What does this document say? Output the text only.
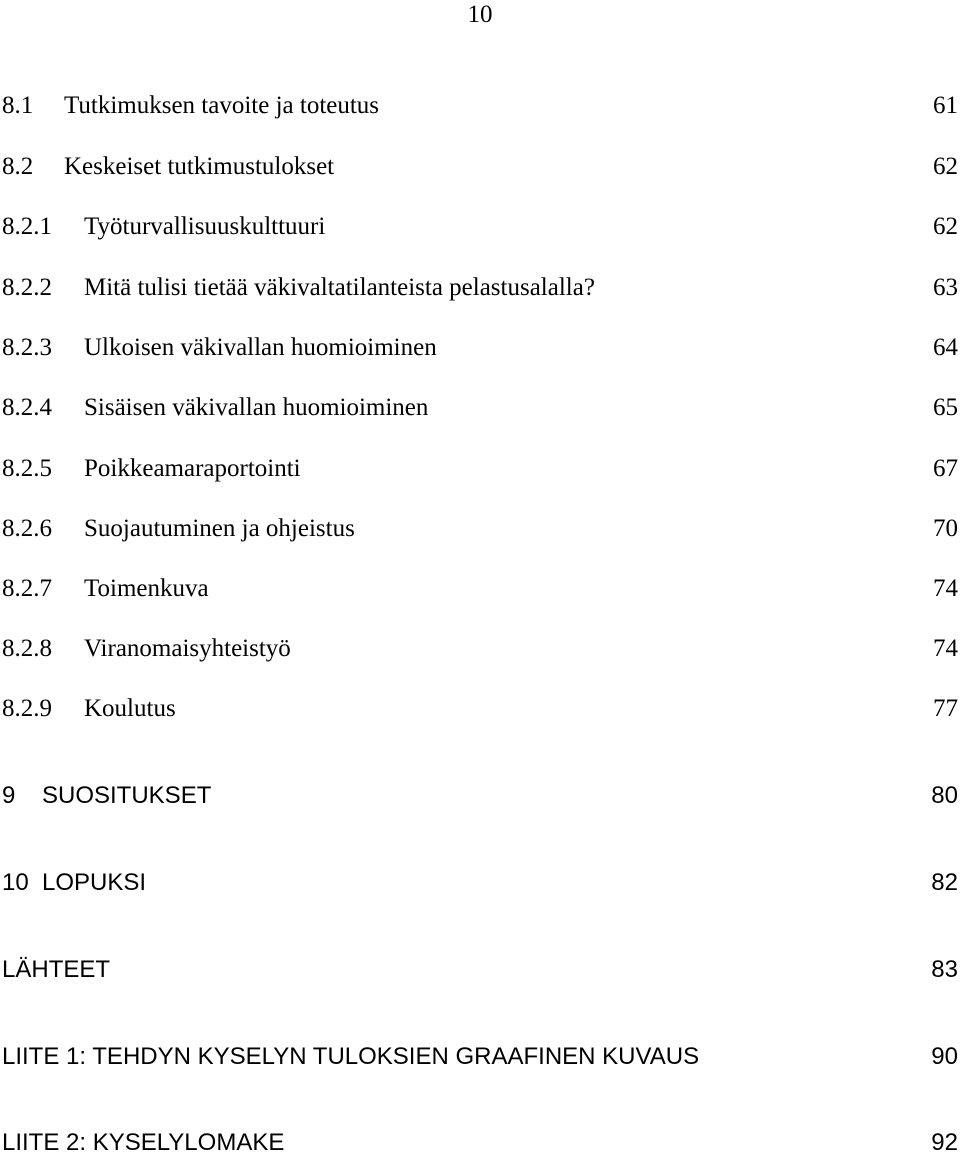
10
8.1 Tutkimuksen tavoite ja toteutus	61
8.2 Keskeiset tutkimustulokset	62
8.2.1 Työturvallisuuskulttuuri	62
8.2.2 Mitä tulisi tietää väkivaltatilanteista pelastusalalla?	63
8.2.3 Ulkoisen väkivallan huomioiminen	64
8.2.4 Sisäisen väkivallan huomioiminen	65
8.2.5 Poikkeamaraportointi	67
8.2.6 Suojautuminen ja ohjeistus	70
8.2.7 Toimenkuva	74
8.2.8 Viranomaisyhteistyö	74
8.2.9 Koulutus	77
9 SUOSITUKSET	80
10 LOPUKSI	82
LÄHTEET	83
LIITE 1: TEHDYN KYSELYN TULOKSIEN GRAAFINEN KUVAUS	90
LIITE 2: KYSELYLOMAKE	92
